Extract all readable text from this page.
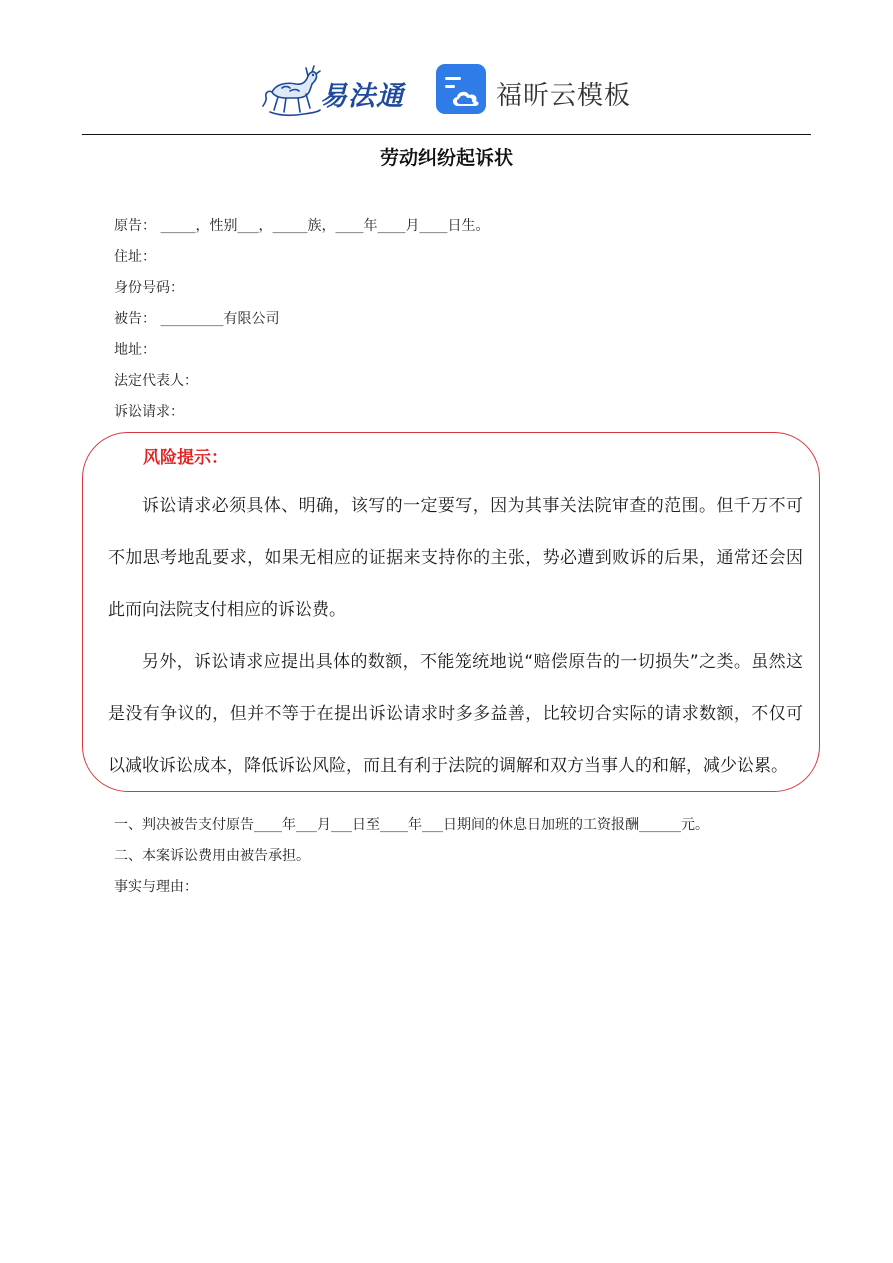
易法通	福昕云模板
劳动纠纷起诉状
原告： _____，性别___，_____族，____年____月____日生。
住址：
身份号码：
被告： _________有限公司
地址：
法定代表人：
诉讼请求：
风险提示：

诉讼请求必须具体、明确，该写的一定要写，因为其事关法院审查的范围。但千万不可不加思考地乱要求，如果无相应的证据来支持你的主张，势必遭到败诉的后果，通常还会因此而向法院支付相应的诉讼费。

另外，诉讼请求应提出具体的数额，不能笼统地说“赔偿原告的一切损失”之类。虽然这是没有争议的，但并不等于在提出诉讼请求时多多益善，比较切合实际的请求数额，不仅可以减收诉讼成本，降低诉讼风险，而且有利于法院的调解和双方当事人的和解，减少讼累。

一、判决被告支付原告____年___月___日至____年___日期间的休息日加班的工资报酬______元。
二、本案诉讼费用由被告承担。
事实与理由：
